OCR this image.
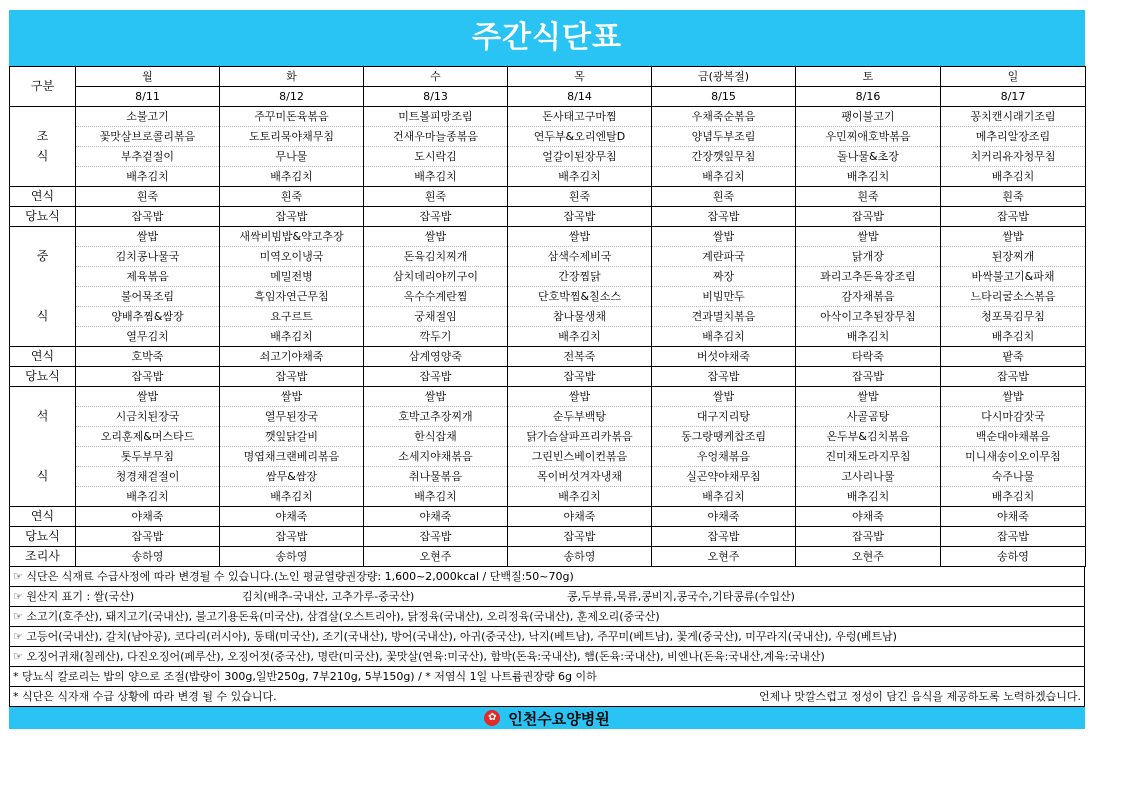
주간식단표
구분	월	화	수	목	금(광복절)	토	일
	8/11	8/12	8/13	8/14	8/15	8/16	8/17
	소불고기	주꾸미돈육볶음	미트볼피망조림	돈사태고구마찜	우채죽순볶음	팽이불고기	꽁치캔시래기조림
조	꽃맛살브로콜리볶음	도토리묵야채무침	건새우마늘종볶음	연두부&오리엔탈D	양념두부조림	우민찌애호박볶음	메추리알장조림
식	부추겉절이	무나물	도시락김	얼갈이된장무침	간장깻잎무침	돌나물&초장	치커리유자청무침
	배추김치	배추김치	배추김치	배추김치	배추김치	배추김치	배추김치
연식	흰죽	흰죽	흰죽	흰죽	흰죽	흰죽	흰죽
당뇨식	잡곡밥	잡곡밥	잡곡밥	잡곡밥	잡곡밥	잡곡밥	잡곡밥
	쌀밥	새싹비빔밥&약고추장	쌀밥	쌀밥	쌀밥	쌀밥	쌀밥
중	김치콩나물국	미역오이냉국	돈육김치찌개	삼색수제비국	계란파국	닭개장	된장찌개
	제육볶음	메밀전병	삼치데리야끼구이	간장찜닭	짜장	꽈리고추돈육장조림	바싹불고기&파채
	불어묵조림	흑임자연근무침	옥수수계란찜	단호박찜&칠소스	비빔만두	감자채볶음	느타리굴소스볶음
식	양배추찜&쌈장	요구르트	궁채절임	참나물생채	견과멸치볶음	아삭이고추된장무침	청포묵김무침
	열무김치	배추김치	깍두기	배추김치	배추김치	배추김치	배추김치
연식	호박죽	쇠고기야채죽	삼계영양죽	전복죽	버섯야채죽	타락죽	팥죽
당뇨식	잡곡밥	잡곡밥	잡곡밥	잡곡밥	잡곡밥	잡곡밥	잡곡밥
	쌀밥	쌀밥	쌀밥	쌀밥	쌀밥	쌀밥	쌀밥
석	시금치된장국	열무된장국	호박고추장찌개	순두부백탕	대구지리탕	사골곰탕	다시마감잣국
	오리훈제&머스타드	깻잎닭갈비	한식잡채	닭가슴살파프리카볶음	동그랑땡케찹조림	온두부&김치볶음	백순대야채볶음
	톳두부무침	명엽채크랜베리볶음	소세지야채볶음	그린빈스베이컨볶음	우엉채볶음	진미채도라지무침	미니새송이오이무침
식	청경채겉절이	쌈무&쌈장	취나물볶음	목이버섯겨자냉채	실곤약야채무침	고사리나물	숙주나물
	배추김치	배추김치	배추김치	배추김치	배추김치	배추김치	배추김치
연식	야채죽	야채죽	야채죽	야채죽	야채죽	야채죽	야채죽
당뇨식	잡곡밥	잡곡밥	잡곡밥	잡곡밥	잡곡밥	잡곡밥	잡곡밥
조리사	송하영	송하영	오현주	송하영	오현주	오현주	송하영
☞ 식단은 식재료 수급사정에 따라 변경될 수 있습니다.(노인 평균열량권장량: 1,600~2,000kcal / 단백질:50~70g)
☞ 원산지 표기 : 쌀(국산)	김치(배추-국내산, 고추가루-중국산)	콩,두부류,묵류,콩비지,콩국수,기타콩류(수입산)
☞ 소고기(호주산), 돼지고기(국내산), 불고기용돈육(미국산), 삼겹살(오스트리아), 닭정육(국내산), 오리정육(국내산), 훈제오리(중국산)
☞ 고등어(국내산), 갈치(남아공), 코다리(러시아), 동태(미국산), 조기(국내산), 방어(국내산), 아귀(중국산), 낙지(베트남), 주꾸미(베트남), 꽃게(중국산), 미꾸라지(국내산), 우렁(베트남)
☞ 오징어귀채(칠레산), 다진오징어(페루산), 오징어젓(중국산), 명란(미국산), 꽃맛살(연육:미국산), 함박(돈육:국내산), 햄(돈육:국내산), 비엔나(돈육:국내산,계육:국내산)
* 당뇨식 칼로리는 밥의 양으로 조절(밥량이 300g,일반250g, 7부210g, 5부150g) / * 저염식 1일 나트륨권장량 6g 이하
* 식단은 식자재 수급 상황에 따라 변경 될 수 있습니다.	언제나 맛깔스럽고 정성이 담긴 음식을 제공하도록 노력하겠습니다.
✿ 인천수요양병원
